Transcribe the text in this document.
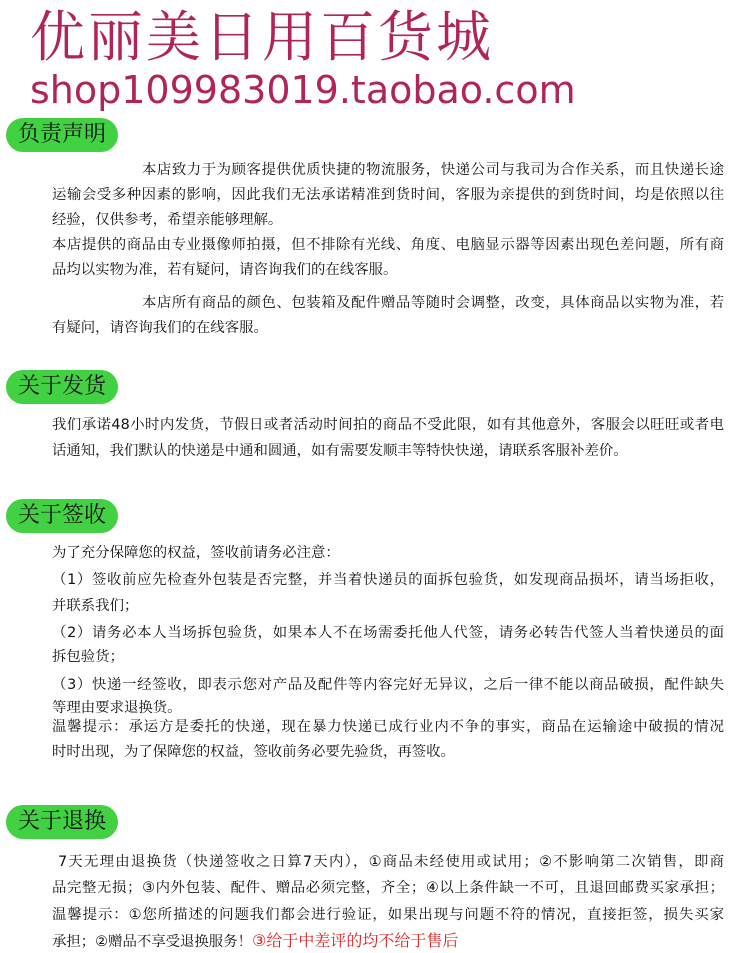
优丽美日用百货城
shop109983019.taobao.com
负责声明
本店致力于为顾客提供优质快捷的物流服务，快递公司与我司为合作关系，而且快递长途
运输会受多种因素的影响，因此我们无法承诺精准到货时间，客服为亲提供的到货时间，均是依照以往
经验，仅供参考，希望亲能够理解。
本店提供的商品由专业摄像师拍摄，但不排除有光线、角度、电脑显示器等因素出现色差问题，所有商
品均以实物为准，若有疑问，请咨询我们的在线客服。
本店所有商品的颜色、包装箱及配件赠品等随时会调整，改变，具体商品以实物为准，若
有疑问，请咨询我们的在线客服。
关于发货
我们承诺48小时内发货，节假日或者活动时间拍的商品不受此限，如有其他意外，客服会以旺旺或者电
话通知，我们默认的快递是中通和圆通，如有需要发顺丰等特快快递，请联系客服补差价。
关于签收
为了充分保障您的权益，签收前请务必注意：
（1）签收前应先检查外包装是否完整，并当着快递员的面拆包验货，如发现商品损坏，请当场拒收，
并联系我们；
（2）请务必本人当场拆包验货，如果本人不在场需委托他人代签，请务必转告代签人当着快递员的面
拆包验货；
（3）快递一经签收，即表示您对产品及配件等内容完好无异议，之后一律不能以商品破损，配件缺失
等理由要求退换货。
温馨提示：承运方是委托的快递，现在暴力快递已成行业内不争的事实，商品在运输途中破损的情况
时时出现，为了保障您的权益，签收前务必要先验货，再签收。
关于退换
7天无理由退换货（快递签收之日算7天内），①商品未经使用或试用；②不影响第二次销售，即商
品完整无损；③内外包装、配件、赠品必须完整，齐全；④以上条件缺一不可，且退回邮费买家承担；
温馨提示：①您所描述的问题我们都会进行验证，如果出现与问题不符的情况，直接拒签，损失买家
承担；②赠品不享受退换服务！③给于中差评的均不给于售后
